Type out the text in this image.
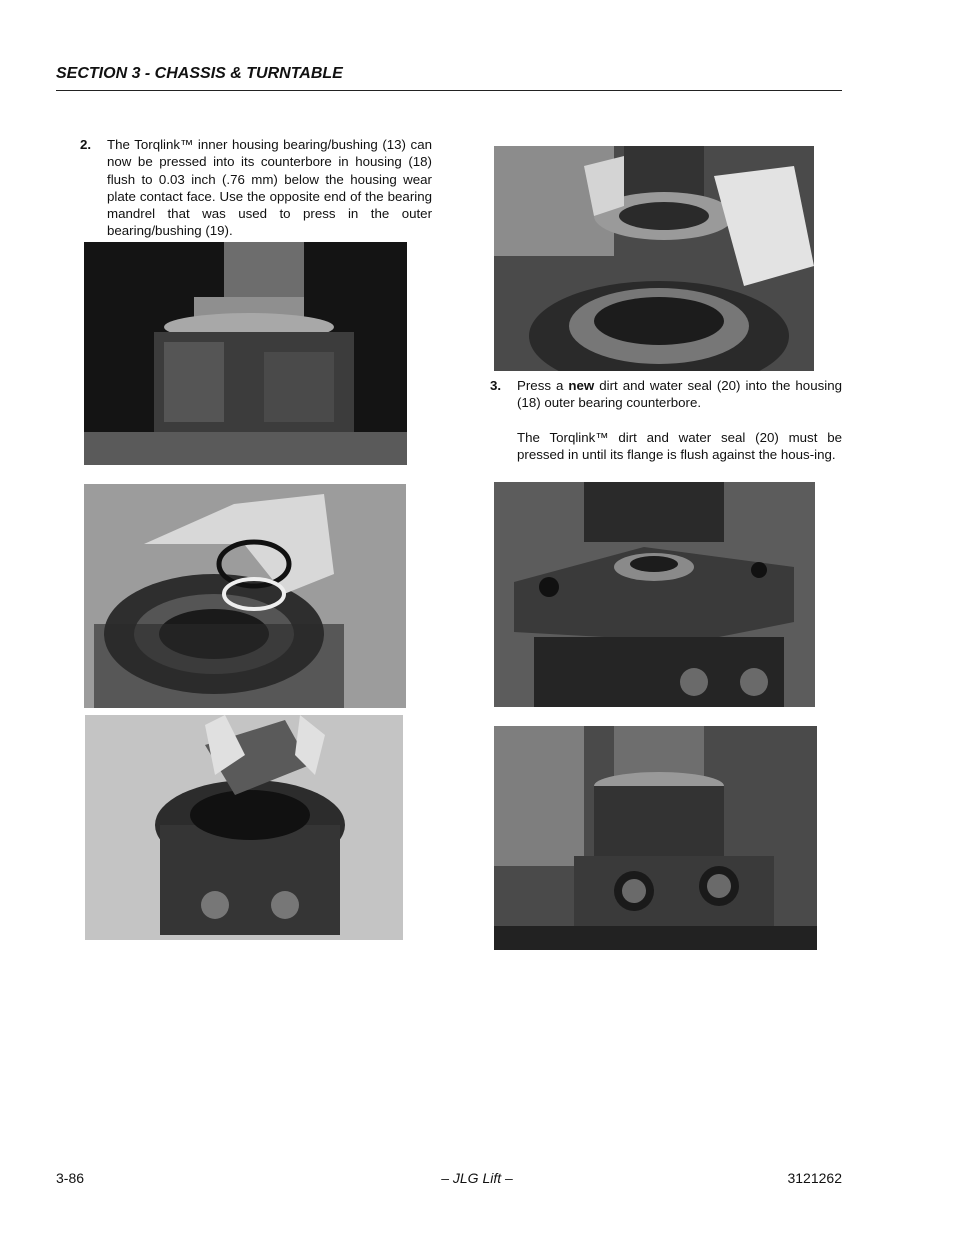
SECTION 3 - CHASSIS & TURNTABLE
2. The Torqlink™ inner housing bearing/bushing (13) can now be pressed into its counterbore in housing (18) flush to 0.03 inch (.76 mm) below the housing wear plate contact face. Use the opposite end of the bearing mandrel that was used to press in the outer bearing/bushing (19).
3. Press a new dirt and water seal (20) into the housing (18) outer bearing counterbore.
The Torqlink™ dirt and water seal (20) must be pressed in until its flange is flush against the hous-ing.
3-86	– JLG Lift –	3121262
